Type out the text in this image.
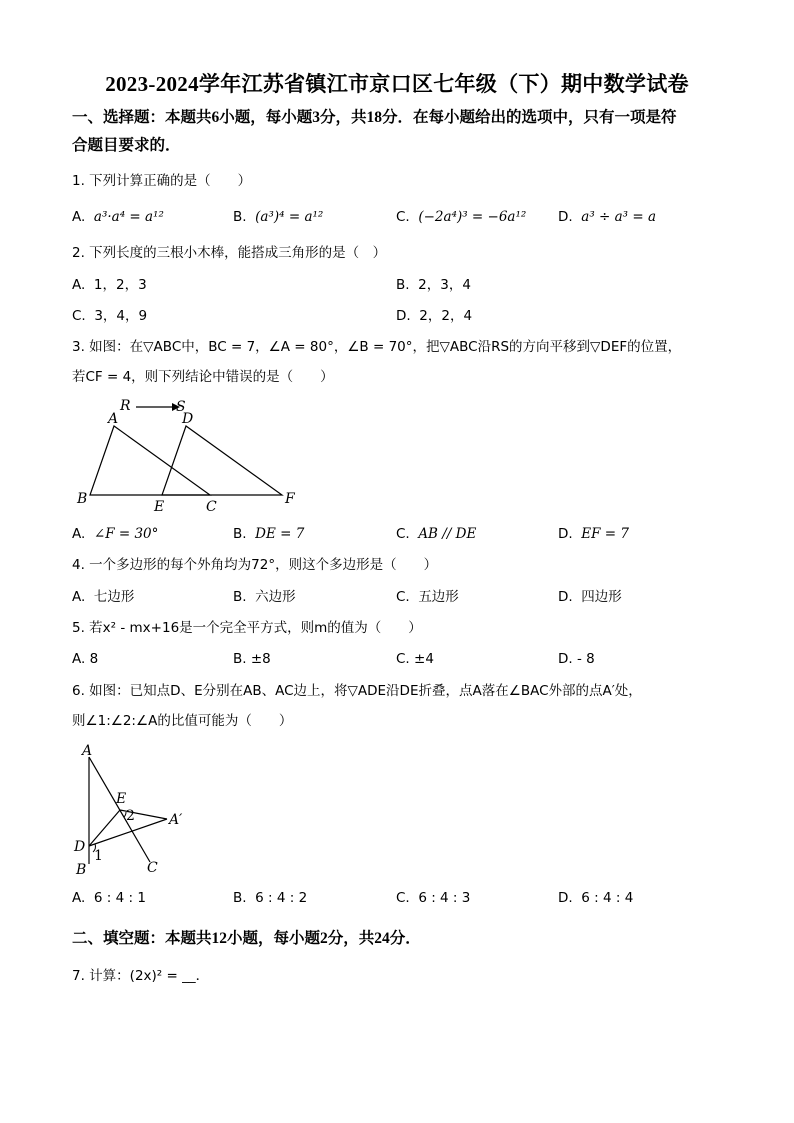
2023-2024学年江苏省镇江市京口区七年级（下）期中数学试卷
一、选择题：本题共6小题，每小题3分，共18分．在每小题给出的选项中，只有一项是符
合题目要求的．
1. 下列计算正确的是（　　）
A. a³·a⁴ = a¹²	B. (a³)⁴ = a¹²	C. (−2a⁴)³ = −6a¹² D. a³ ÷ a³ = a
2. 下列长度的三根小木棒，能搭成三角形的是（　）
A. 1，2，3	B. 2，3，4
C. 3，4，9	D. 2，2，4
3. 如图：在▽ABC中，BC = 7，∠A = 80°，∠B = 70°，把▽ABC沿RS的方向平移到▽DEF的位置，
若CF = 4，则下列结论中错误的是（　　）
R	S
A	D
B	E	C	F
A. ∠F = 30°	B. DE = 7	C. AB // DE	D. EF = 7
4. 一个多边形的每个外角均为72°，则这个多边形是（　　）
A. 七边形	B. 六边形	C. 五边形	D. 四边形
5. 若x² - mx+16是一个完全平方式，则m的值为（　　）
A. 8	B. ±8	C. ±4	D. - 8
6. 如图：已知点D、E分别在AB、AC边上，将▽ADE沿DE折叠，点A落在∠BAC外部的点A′处，
则∠1:∠2:∠A的比值可能为（　　）
A
E
2 A′
D
1
B	C
A. 6 : 4 : 1	B. 6 : 4 : 2	C. 6 : 4 : 3	D. 6 : 4 : 4
二、填空题：本题共12小题，每小题2分，共24分．
7. 计算：(2x)² = __．
